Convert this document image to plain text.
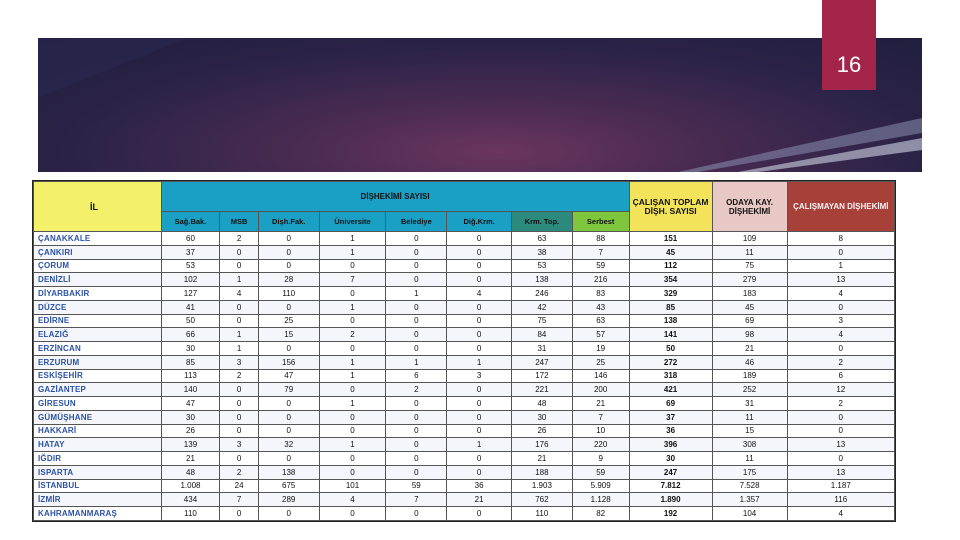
16
İL	DİŞHEKİMİ SAYISI								ÇALIŞAN TOPLAM DİŞH. SAYISI	ODAYA KAY. DİŞHEKİMİ	ÇALIŞMAYAN DİŞHEKİMİ
	Sağ.Bak.	MSB	Dişh.Fak.	Üniversite	Belediye	Diğ.Krm.	Krm. Top.	Serbest			
ÇANAKKALE	60	2	0	1	0	0	63	88	151	109	8
ÇANKIRI	37	0	0	1	0	0	38	7	45	11	0
ÇORUM	53	0	0	0	0	0	53	59	112	75	1
DENİZLİ	102	1	28	7	0	0	138	216	354	279	13
DİYARBAKIR	127	4	110	0	1	4	246	83	329	183	4
DÜZCE	41	0	0	1	0	0	42	43	85	45	0
EDİRNE	50	0	25	0	0	0	75	63	138	69	3
ELAZIĞ	66	1	15	2	0	0	84	57	141	98	4
ERZİNCAN	30	1	0	0	0	0	31	19	50	21	0
ERZURUM	85	3	156	1	1	1	247	25	272	46	2
ESKİŞEHİR	113	2	47	1	6	3	172	146	318	189	6
GAZİANTEP	140	0	79	0	2	0	221	200	421	252	12
GİRESUN	47	0	0	1	0	0	48	21	69	31	2
GÜMÜŞHANE	30	0	0	0	0	0	30	7	37	11	0
HAKKARİ	26	0	0	0	0	0	26	10	36	15	0
HATAY	139	3	32	1	0	1	176	220	396	308	13
IĞDIR	21	0	0	0	0	0	21	9	30	11	0
ISPARTA	48	2	138	0	0	0	188	59	247	175	13
İSTANBUL	1.008	24	675	101	59	36	1.903	5.909	7.812	7.528	1.187
İZMİR	434	7	289	4	7	21	762	1.128	1.890	1.357	116
KAHRAMANMARAŞ	110	0	0	0	0	0	110	82	192	104	4
